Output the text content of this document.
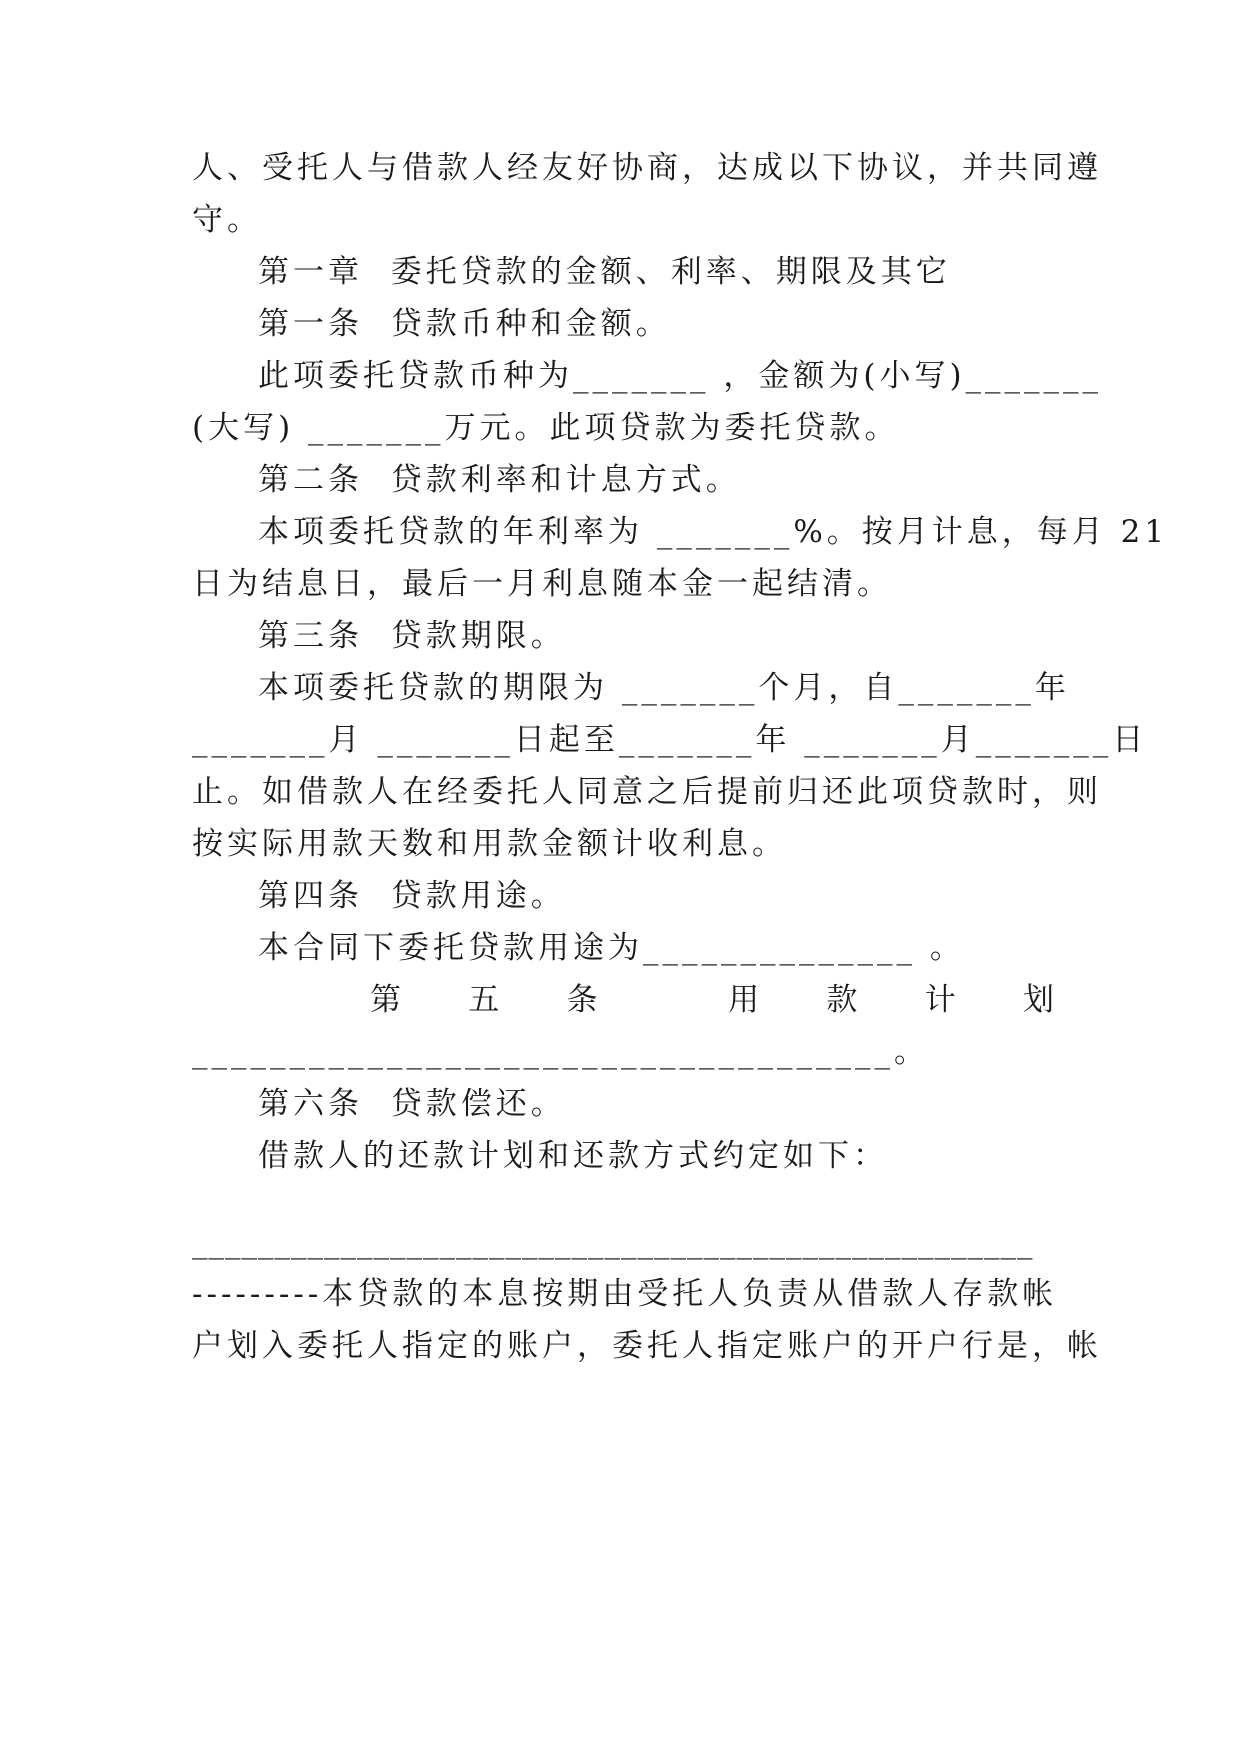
人、受托人与借款人经友好协商，达成以下协议，并共同遵
守。
第一章  委托贷款的金额、利率、期限及其它
第一条  贷款币种和金额。
此项委托贷款币种为_______ ，金额为(小写)_______
(大写) _______万元。此项贷款为委托贷款。
第二条  贷款利率和计息方式。
本项委托贷款的年利率为 _______%。按月计息，每月 21
日为结息日，最后一月利息随本金一起结清。
第三条  贷款期限。
本项委托贷款的期限为 _______个月，自_______年
_______月 _______日起至_______年 _______月_______日
止。如借款人在经委托人同意之后提前归还此项贷款时，则
按实际用款天数和用款金额计收利息。
第四条  贷款用途。
本合同下委托贷款用途为______________ 。
第 五 条	用 款 计 划
____________________________________。
第六条  贷款偿还。
借款人的还款计划和还款方式约定如下：
___________________________________________________
---------本贷款的本息按期由受托人负责从借款人存款帐
户划入委托人指定的账户，委托人指定账户的开户行是，帐
